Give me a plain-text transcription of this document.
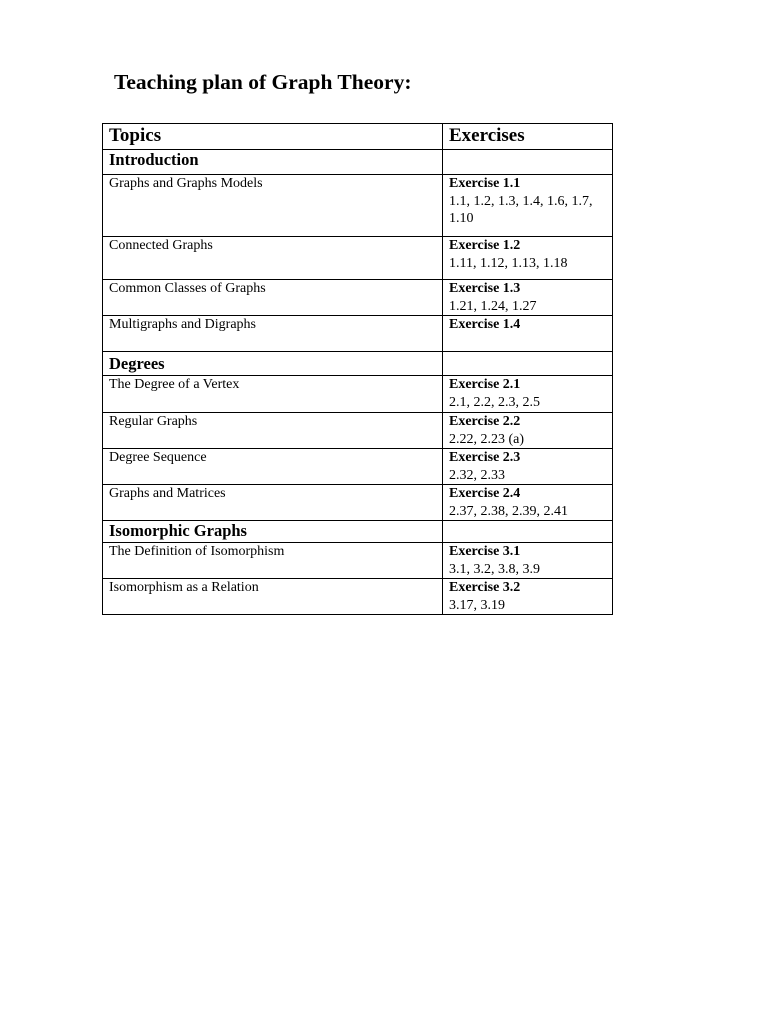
Teaching plan of Graph Theory:
Topics	Exercises
Introduction	
Graphs and Graphs Models	Exercise 1.1
1.1, 1.2, 1.3, 1.4, 1.6, 1.7, 1.10

Connected Graphs	Exercise 1.2
1.11, 1.12, 1.13, 1.18

Common Classes of Graphs	Exercise 1.3
1.21, 1.24, 1.27

Multigraphs and Digraphs	Exercise 1.4

Degrees	
The Degree of a Vertex	Exercise 2.1
2.1, 2.2, 2.3, 2.5

Regular Graphs	Exercise 2.2
2.22, 2.23 (a)

Degree Sequence	Exercise 2.3
2.32, 2.33

Graphs and Matrices	Exercise 2.4
2.37, 2.38, 2.39, 2.41

Isomorphic Graphs	
The Definition of Isomorphism	Exercise 3.1
3.1, 3.2, 3.8, 3.9

Isomorphism as a Relation	Exercise 3.2
3.17, 3.19
